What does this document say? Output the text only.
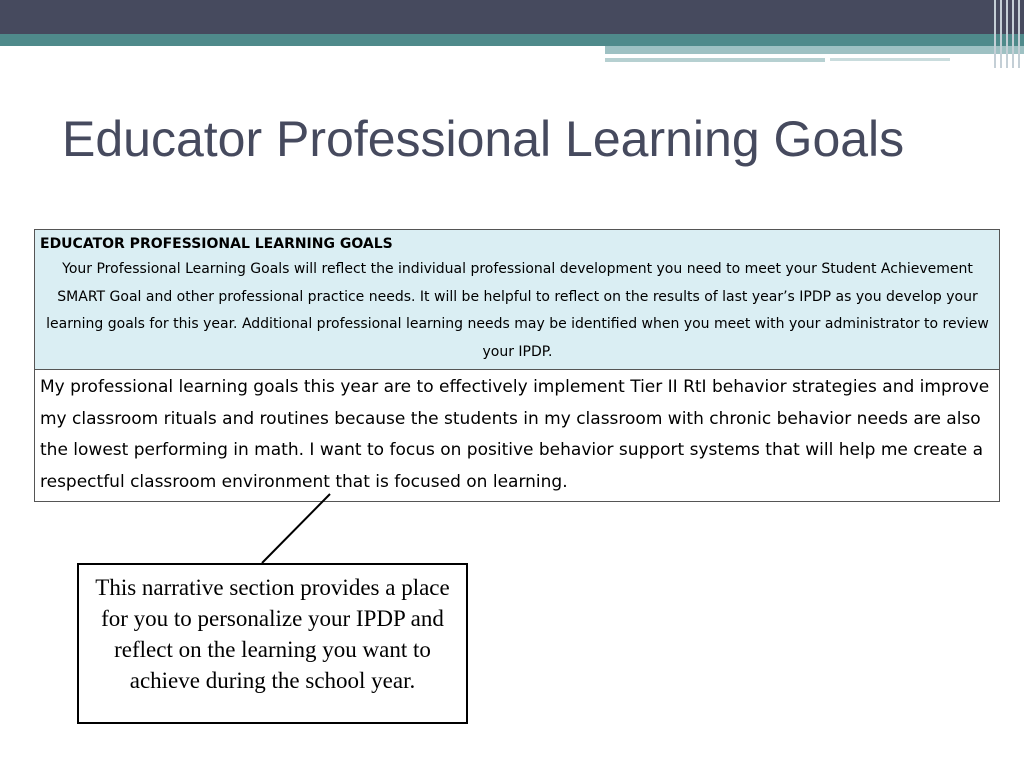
Educator Professional Learning Goals
EDUCATOR PROFESSIONAL LEARNING GOALS
Your Professional Learning Goals will reflect the individual professional development you need to meet your Student Achievement SMART Goal and other professional practice needs. It will be helpful to reflect on the results of last year’s IPDP as you develop your learning goals for this year. Additional professional learning needs may be identified when you meet with your administrator to review your IPDP.

My professional learning goals this year are to effectively implement Tier II RtI behavior strategies and improve my classroom rituals and routines because the students in my classroom with chronic behavior needs are also the lowest performing in math. I want to focus on positive behavior support systems that will help me create a respectful classroom environment that is focused on learning.
This narrative section provides a place for you to personalize your IPDP and reflect on the learning you want to achieve during the school year.
